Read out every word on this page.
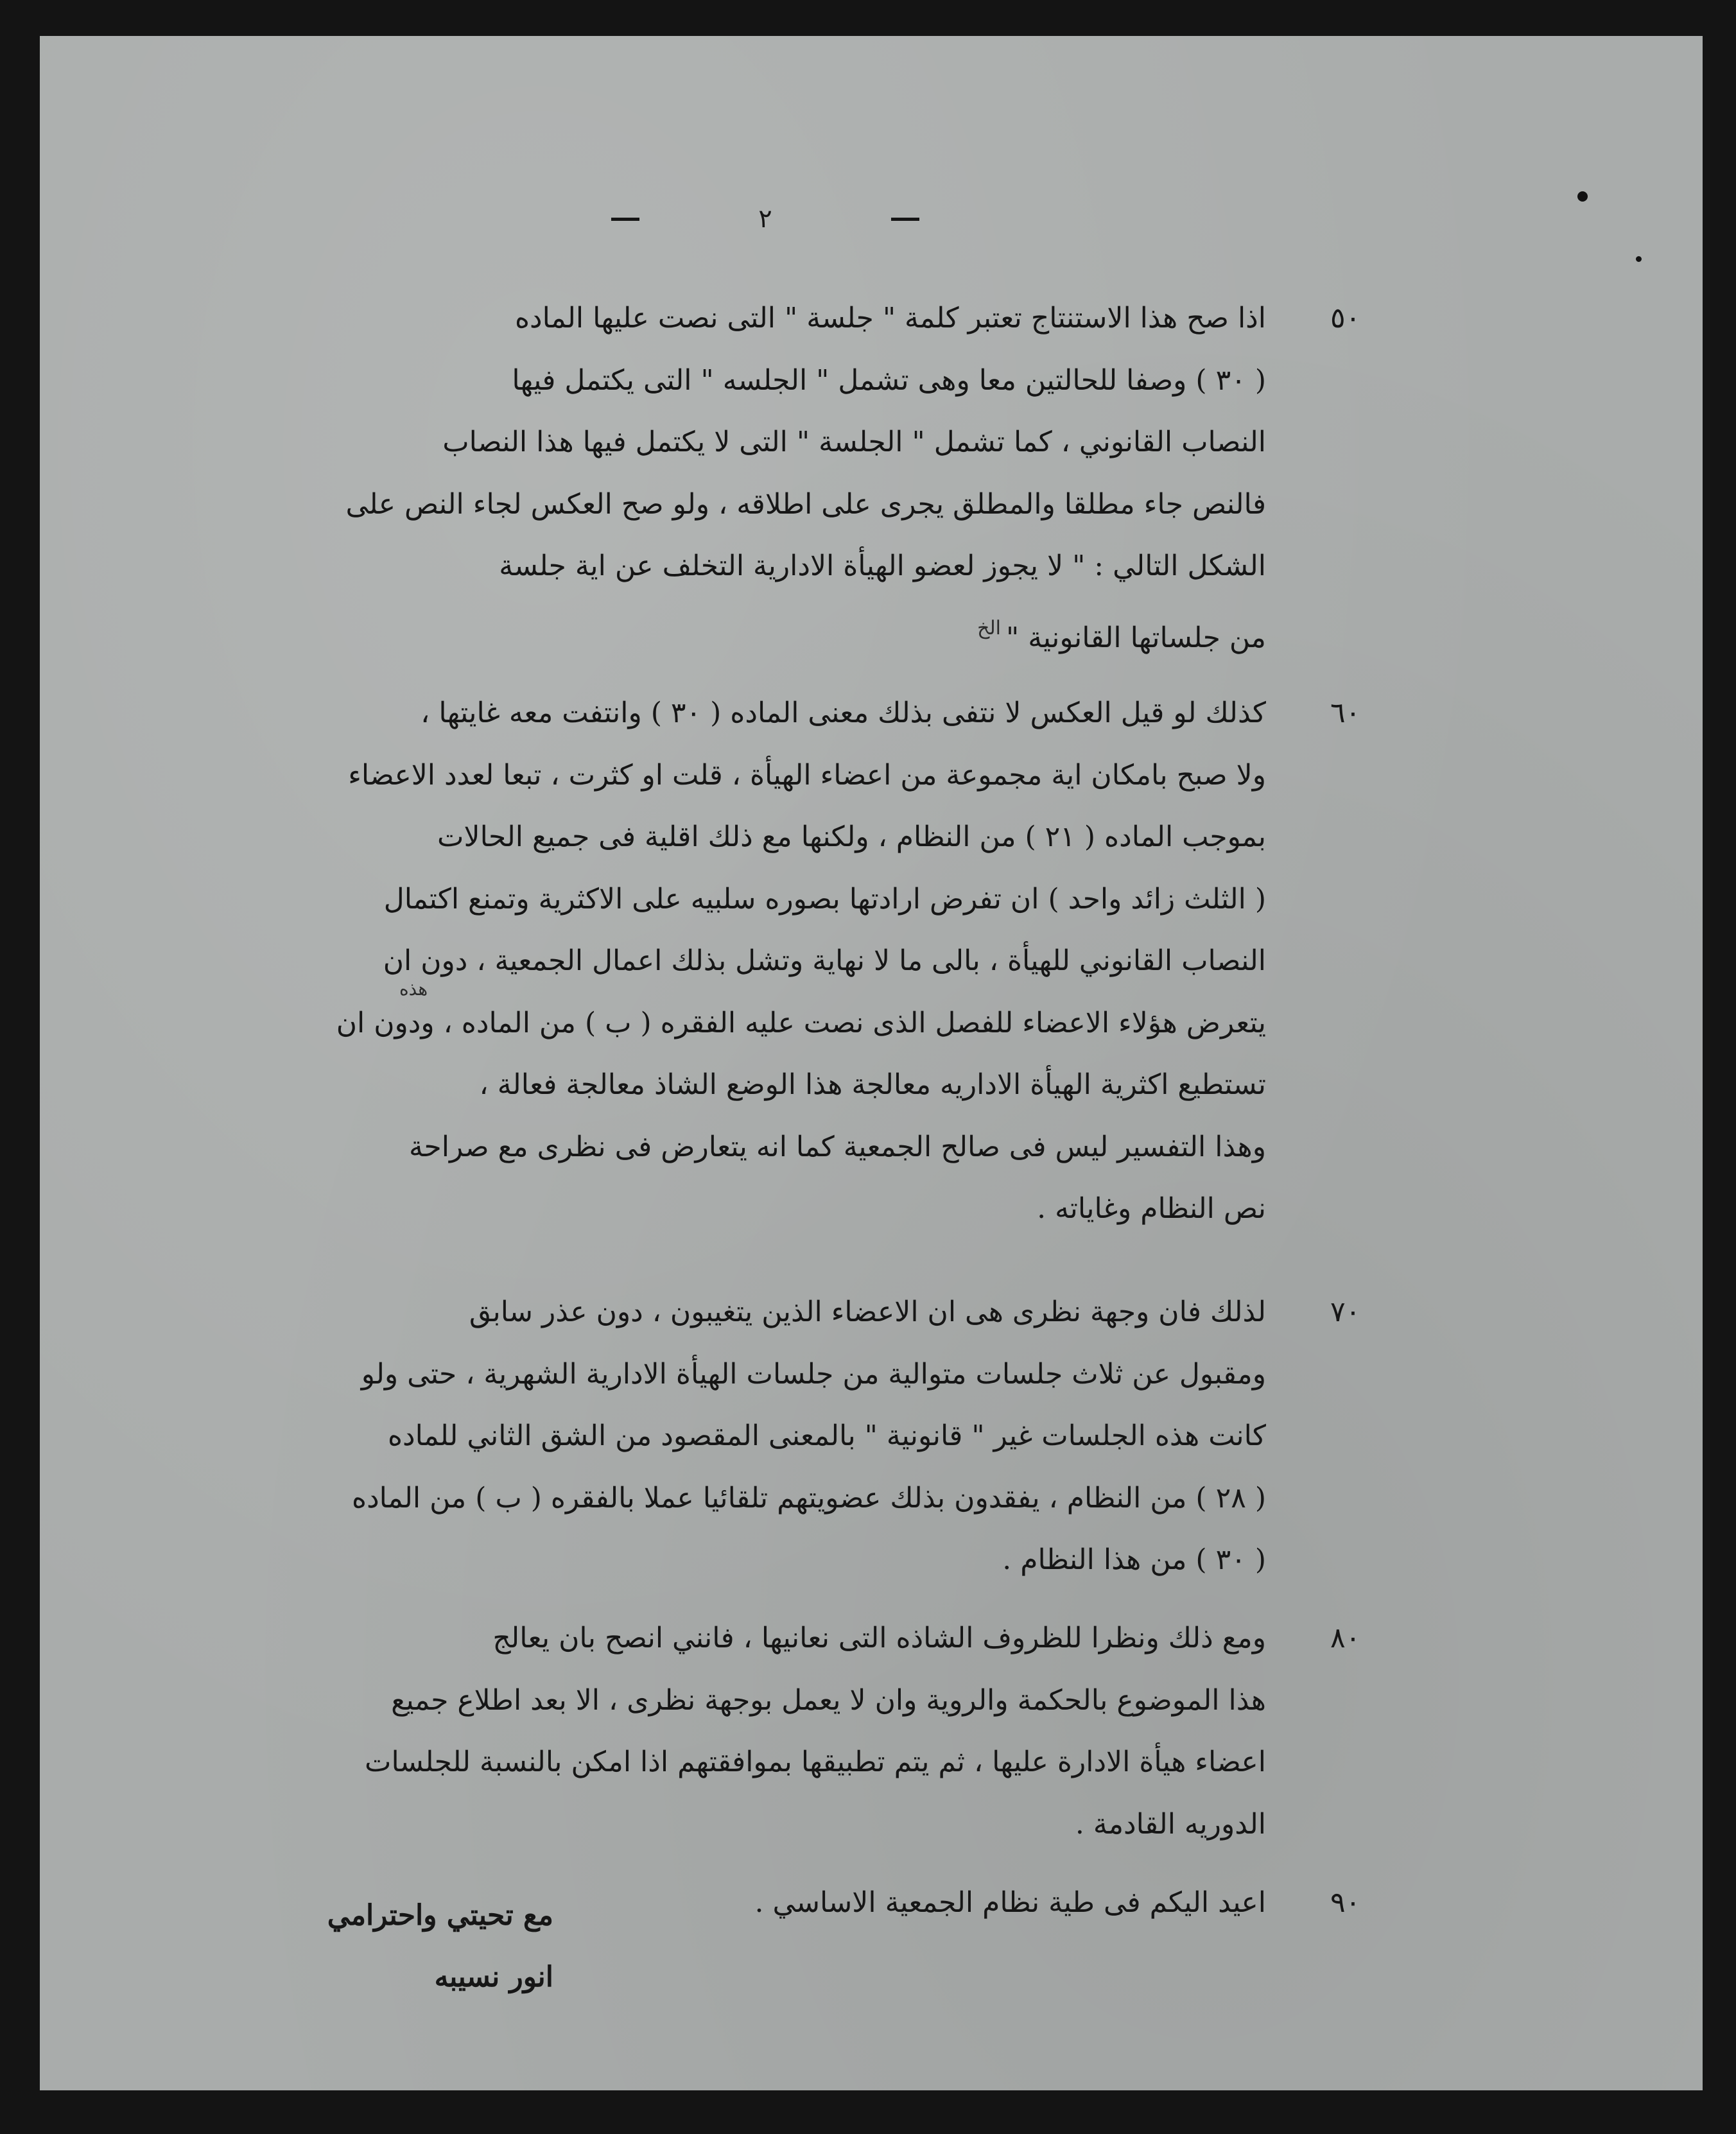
٢
٥٠

اذا صح هذا الاستنتاج تعتبر كلمة " جلسة " التى نصت عليها الماده

( ٣٠ ) وصفا للحالتين معا وهى تشمل " الجلسه " التى يكتمل فيها

النصاب القانوني ، كما تشمل " الجلسة " التى لا يكتمل فيها هذا النصاب

فالنص جاء مطلقا والمطلق يجرى على اطلاقه ، ولو صح العكس لجاء النص على

الشكل التالي : " لا يجوز لعضو الهيأة الادارية التخلف عن اية جلسة

من جلساتها القانونية "$^{الخ}$

٦٠

كذلك لو قيل العكس لا نتفى بذلك معنى الماده ( ٣٠ ) وانتفت معه غايتها ،

ولا صبح بامكان اية مجموعة من اعضاء الهيأة ، قلت او كثرت ، تبعا لعدد الاعضاء

بموجب الماده ( ٢١ ) من النظام ، ولكنها مع ذلك اقلية فى جميع الحالات

( الثلث زائد واحد ) ان تفرض ارادتها بصوره سلبيه على الاكثرية وتمنع اكتمال

النصاب القانوني للهيأة ، بالى ما لا نهاية وتشل بذلك اعمال الجمعية ، دون ان

يتعرض هؤلاء الاعضاء للفصل الذى نصت عليه الفقره ( ب ) من الماده ، ودون ان

تستطيع اكثرية الهيأة الاداريه معالجة هذا الوضع الشاذ معالجة فعالة ،

وهذا التفسير ليس فى صالح الجمعية كما انه يتعارض فى نظرى مع صراحة

نص النظام وغاياته .

هذه
٧٠

لذلك فان وجهة نظرى هى ان الاعضاء الذين يتغيبون ، دون عذر سابق

ومقبول عن ثلاث جلسات متوالية من جلسات الهيأة الادارية الشهرية ، حتى ولو

كانت هذه الجلسات غير " قانونية " بالمعنى المقصود من الشق الثاني للماده

( ٢٨ ) من النظام ، يفقدون بذلك عضويتهم تلقائيا عملا بالفقره ( ب ) من الماده

( ٣٠ ) من هذا النظام .

٨٠

ومع ذلك ونظرا للظروف الشاذه التى نعانيها ، فانني انصح بان يعالج

هذا الموضوع بالحكمة والروية وان لا يعمل بوجهة نظرى ، الا بعد اطلاع جميع

اعضاء هيأة الادارة عليها ، ثم يتم تطبيقها بموافقتهم اذا امكن بالنسبة للجلسات

الدوريه القادمة .

٩٠

اعيد اليكم فى طية نظام الجمعية الاساسي .

مع تحيتي واحترامي
انور نسيبه
